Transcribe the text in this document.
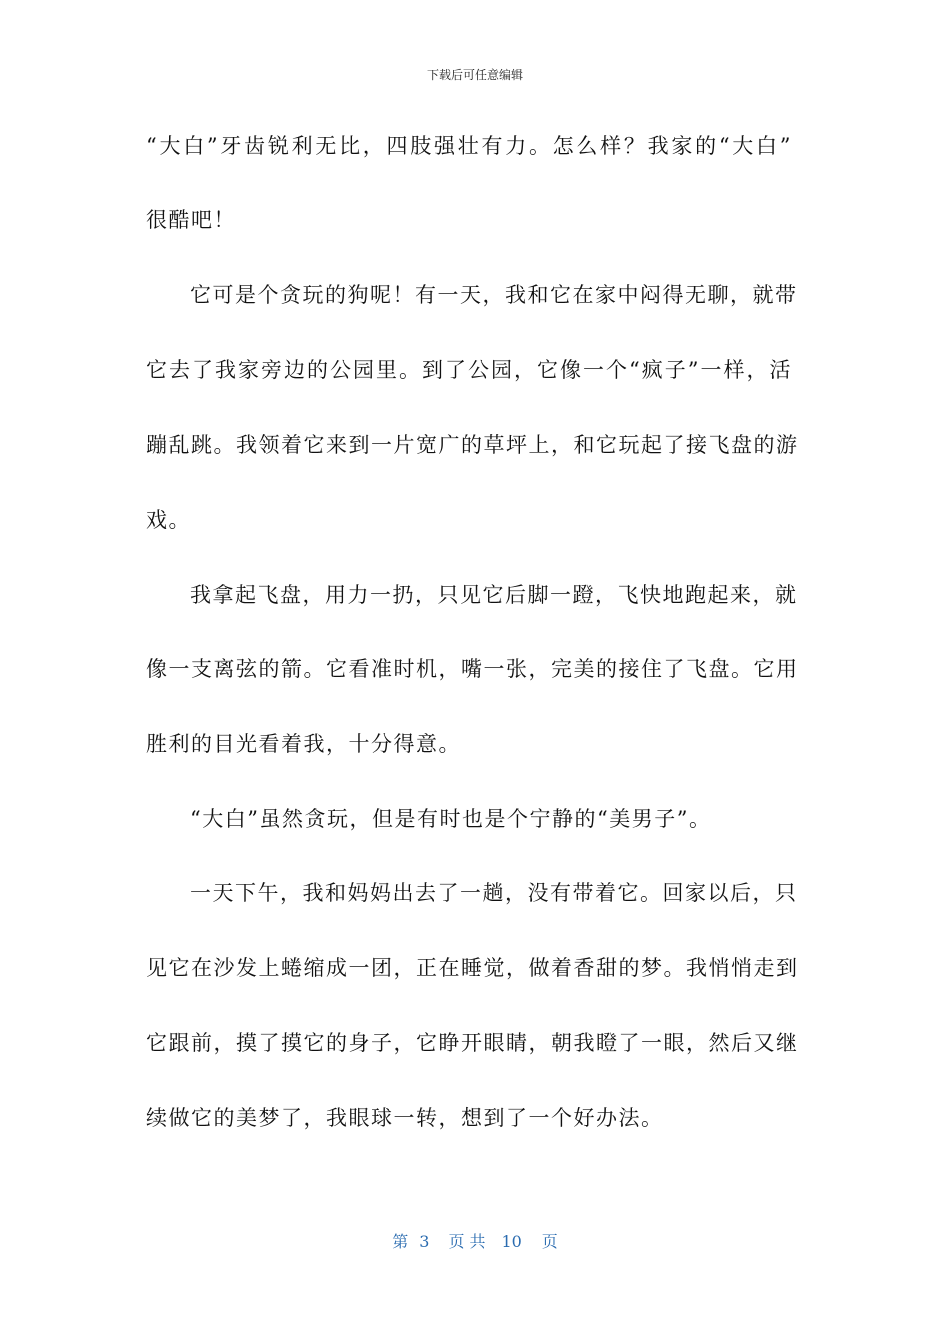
下载后可任意编辑
“大白”牙齿锐利无比，四肢强壮有力。怎么样？我家的“大白”
很酷吧！
它可是个贪玩的狗呢！有一天，我和它在家中闷得无聊，就带
它去了我家旁边的公园里。到了公园，它像一个“疯子”一样，活
蹦乱跳。我领着它来到一片宽广的草坪上，和它玩起了接飞盘的游
戏。
我拿起飞盘，用力一扔，只见它后脚一蹬，飞快地跑起来，就
像一支离弦的箭。它看准时机，嘴一张，完美的接住了飞盘。它用
胜利的目光看着我，十分得意。
“大白”虽然贪玩，但是有时也是个宁静的“美男子”。
一天下午，我和妈妈出去了一趟，没有带着它。回家以后，只
见它在沙发上蜷缩成一团，正在睡觉，做着香甜的梦。我悄悄走到
它跟前，摸了摸它的身子，它睁开眼睛，朝我瞪了一眼，然后又继
续做它的美梦了，我眼球一转，想到了一个好办法。
第 3 页 共 10 页
